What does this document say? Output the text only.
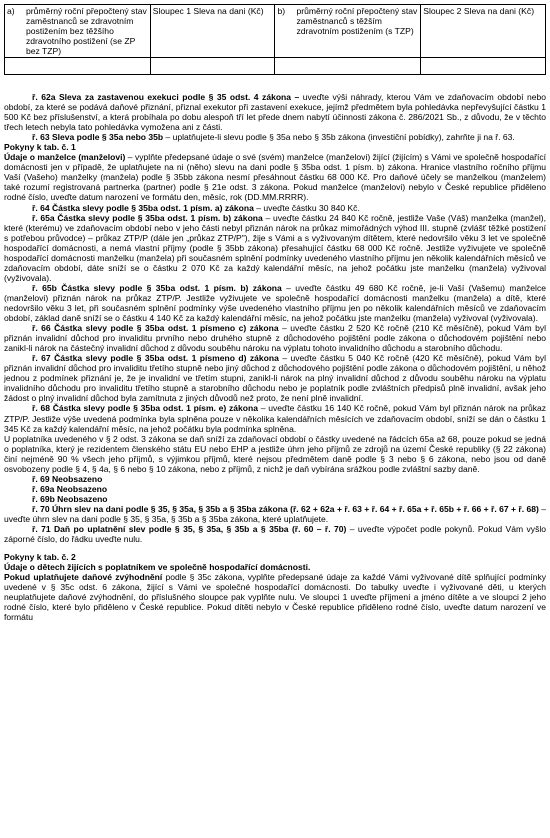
a)	průměrný roční přepočtený stav zaměstnanců se zdravotním postižením bez těžšího zdravotního postižení (se ZP bez TZP)	Sloupec 1 Sleva na dani (Kč)	b)	průměrný roční přepočtený stav zaměstnanců s těžším zdravotním postižením (s TZP)	Sloupec 2 Sleva na dani (Kč)

ř. 62a Sleva za zastavenou exekuci podle § 35 odst. 4 zákona – uveďte výši náhrady, kterou Vám ve zdaňovacím období nebo období, za které se podává daňové přiznání, přiznal exekutor při zastavení exekuce, jejímž předmětem byla pohledávka nepřevyšující částku 1 500 Kč bez příslušenství, a která probíhala po dobu alespoň tří let přede dnem nabytí účinnosti zákona č. 286/2021 Sb., z důvodu, že v těchto třech letech nebyla tato pohledávka vymožena ani z části.

ř. 63 Sleva podle § 35a nebo 35b – uplatňujete-li slevu podle § 35a nebo § 35b zákona (investiční pobídky), zahrňte ji na ř. 63.

Pokyny k tab. č. 1

Údaje o manželce (manželovi) – vyplňte předepsané údaje o své (svém) manželce (manželovi) žijící (žijícím) s Vámi ve společně hospodařící domácnosti jen v případě, že uplatňujete na ni (něho) slevu na dani podle § 35ba odst. 1 písm. b) zákona. Hranice vlastního ročního příjmu Vaší (Vašeho) manželky (manžela) podle § 35bb zákona nesmí přesáhnout částku 68 000 Kč. Pro daňové účely se manželkou (manželem) také rozumí registrovaná partnerka (partner) podle § 21e odst. 3 zákona. Pokud manželce (manželovi) nebylo v České republice přiděleno rodné číslo, uveďte datum narození ve formátu den, měsíc, rok (DD.MM.RRRR).

ř. 64 Částka slevy podle § 35ba odst. 1 písm. a) zákona – uveďte částku 30 840 Kč.

ř. 65a Částka slevy podle § 35ba odst. 1 písm. b) zákona – uveďte částku 24 840 Kč ročně, jestliže Vaše (Váš) manželka (manžel), které (kterému) ve zdaňovacím období nebo v jeho části nebyl přiznán nárok na průkaz mimořádných výhod III. stupně (zvlášť těžké postižení s potřebou průvodce) – průkaz ZTP/P (dále jen „průkaz ZTP/P"), žije s Vámi a s vyživovaným dítětem, které nedovršilo věku 3 let ve společně hospodařící domácnosti, a nemá vlastní příjmy (podle § 35bb zákona) přesahující částku 68 000 Kč ročně. Jestliže vyživujete ve společně hospodařící domácnosti manželku (manžela) při současném splnění podmínky uvedeného vlastního příjmu jen několik kalendářních měsíců ve zdaňovacím období, dáte sníží se o částku 2 070 Kč za každý kalendářní měsíc, na jehož počátku jste manželku (manžela) vyživoval (vyživovala).

ř. 65b Částka slevy podle § 35ba odst. 1 písm. b) zákona – uveďte částku 49 680 Kč ročně, je-li Vaší (Vašemu) manželce (manželovi) přiznán nárok na průkaz ZTP/P. Jestliže vyživujete ve společně hospodařící domácnosti manželku (manžela) a dítě, které nedovršilo věku 3 let, při současném splnění podmínky výše uvedeného vlastního příjmu jen po několik kalendářních měsíců ve zdaňovacím období, základ daně sníží se o částku 4 140 Kč za každý kalendářní měsíc, na jehož počátku jste manželku (manžela) vyživoval (vyživovala).

ř. 66 Částka slevy podle § 35ba odst. 1 písmeno c) zákona – uveďte částku 2 520 Kč ročně (210 Kč měsíčně), pokud Vám byl přiznán invalidní důchod pro invaliditu prvního nebo druhého stupně z důchodového pojištění podle zákona o důchodovém pojištění nebo zanikl-li nárok na částečný invalidní důchod z důvodu souběhu nároku na výplatu tohoto invalidního důchodu a starobního důchodu.

ř. 67 Částka slevy podle § 35ba odst. 1 písmeno d) zákona – uveďte částku 5 040 Kč ročně (420 Kč měsíčně), pokud Vám byl přiznán invalidní důchod pro invaliditu třetího stupně nebo jiný důchod z důchodového pojištění podle zákona o důchodovém pojištění, u něhož jednou z podmínek přiznání je, že je invalidní ve třetím stupni, zanikl-li nárok na plný invalidní důchod z důvodu souběhu nároku na výplatu invalidního důchodu pro invaliditu třetího stupně a starobního důchodu nebo je poplatník podle zvláštních předpisů plně invalidní, avšak jeho žádost o plný invalidní důchod byla zamítnuta z jiných důvodů než proto, že není plně invalidní.

ř. 68 Částka slevy podle § 35ba odst. 1 písm. e) zákona – uveďte částku 16 140 Kč ročně, pokud Vám byl přiznán nárok na průkaz ZTP/P. Jestliže výše uvedená podmínka byla splněna pouze v několika kalendářních měsících ve zdaňovacím období, sníží se dán o částku 1 345 Kč za každý kalendářní měsíc, na jehož počátku byla podmínka splněna.

U poplatníka uvedeného v § 2 odst. 3 zákona se daň sníží za zdaňovací období o částky uvedené na řádcích 65a až 68, pouze pokud se jedná o poplatníka, který je rezidentem členského státu EU nebo EHP a jestliže úhrn jeho příjmů ze zdrojů na území České republiky (§ 22 zákona) činí nejméně 90 % všech jeho příjmů, s výjimkou příjmů, které nejsou předmětem daně podle § 3 nebo § 6 zákona, nebo jsou od daně osvobozeny podle § 4, § 4a, § 6 nebo § 10 zákona, nebo z příjmů, z nichž je daň vybírána srážkou podle zvláštní sazby daně.

ř. 69 Neobsazeno

ř. 69a Neobsazeno

ř. 69b Neobsazeno

ř. 70 Úhrn slev na dani podle § 35, § 35a, § 35b a § 35ba zákona (ř. 62 + 62a + ř. 63 + ř. 64 + ř. 65a + ř. 65b + ř. 66 + ř. 67 + ř. 68) – uveďte úhrn slev na dani podle § 35, § 35a, § 35b a § 35ba zákona, které uplatňujete.

ř. 71 Daň po uplatnění slev podle § 35, § 35a, § 35b a § 35ba (ř. 60 – ř. 70) – uveďte výpočet podle pokynů. Pokud Vám vyšlo záporné číslo, do řádku uveďte nulu.

Pokyny k tab. č. 2

Údaje o dětech žijících s poplatníkem ve společně hospodařící domácnosti.

Pokud uplatňujete daňové zvýhodnění podle § 35c zákona, vyplňte předepsané údaje za každé Vámi vyživované dítě splňující podmínky uvedené v § 35c odst. 6 zákona, žijící s Vámi ve společné hospodařící domácnosti. Do tabulky uveďte i vyživované děti, u kterých neuplatňujete daňové zvýhodnění, do příslušného sloupce pak vyplňte nulu. Ve sloupci 1 uveďte příjmení a jméno dítěte a ve sloupci 2 jeho rodné číslo, které bylo přiděleno v České republice. Pokud dítěti nebylo v České republice přiděleno rodné číslo, uveďte datum narození ve formátu
